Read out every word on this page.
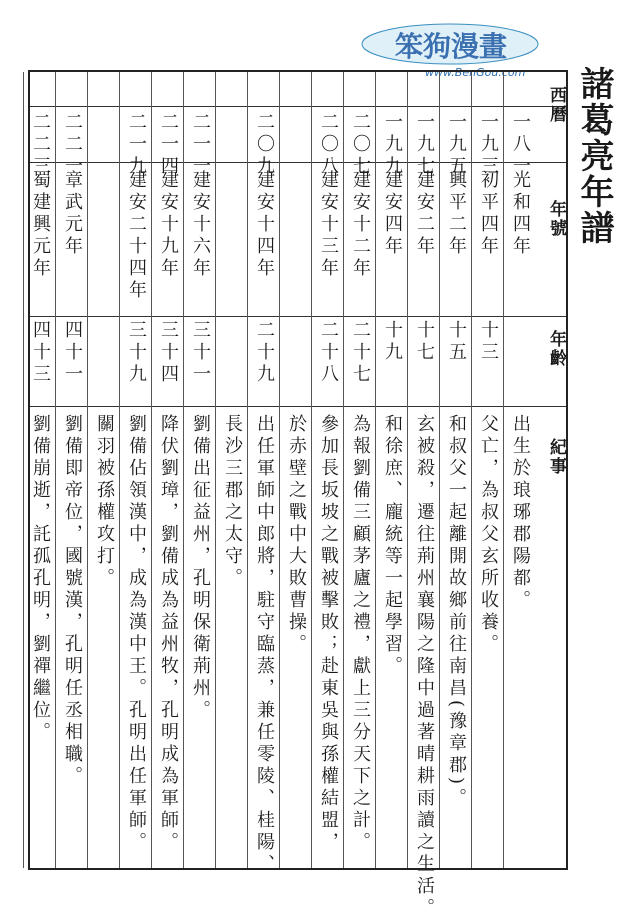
笨狗漫畫
www.BenGou.com 諸葛亮年譜
西曆
年號
年齡
紀事
一八一
光和四年
出生於琅琊郡陽都。
一九三
初平四年
十三
父亡，為叔父玄所收養。
一九五
興平二年
十五
和叔父一起離開故鄉前往南昌(豫章郡)。
一九七
建安二年
十七
玄被殺，遷往荊州襄陽之隆中過著晴耕雨讀之生活。
一九九
建安四年
十九
和徐庶、龐統等一起學習。
二〇七
建安十二年
二十七
為報劉備三顧茅廬之禮，獻上三分天下之計。
二〇八
建安十三年
二十八
參加長坂坡之戰被擊敗；赴東吳與孫權結盟，
於赤壁之戰中大敗曹操。
二〇九
建安十四年
二十九
出任軍師中郎將，駐守臨蒸，兼任零陵、桂陽、
長沙三郡之太守。
二一一
建安十六年
三十一
劉備出征益州，孔明保衛荊州。
二一四
建安十九年
三十四
降伏劉璋，劉備成為益州牧，孔明成為軍師。
二一九
建安二十四年
三十九
劉備佔領漢中，成為漢中王。孔明出任軍師。
關羽被孫權攻打。
二二一
章武元年
四十一
劉備即帝位，國號漢，孔明任丞相職。
二二三
蜀建興元年
四十三
劉備崩逝，託孤孔明，劉禪繼位。
